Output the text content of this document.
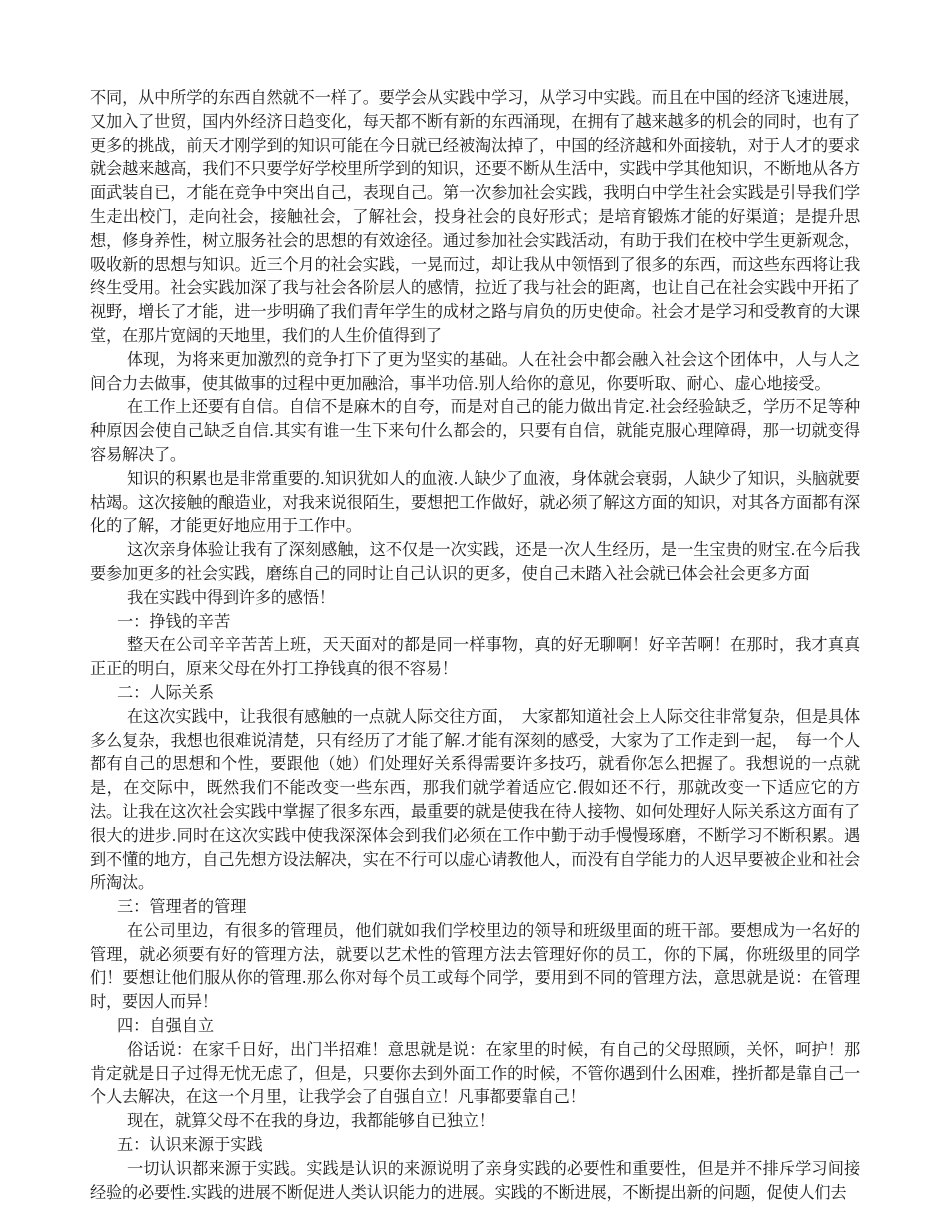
不同，从中所学的东西自然就不一样了。要学会从实践中学习，从学习中实践。而且在中国的经济飞速进展，又加入了世贸，国内外经济日趋变化，每天都不断有新的东西涌现，在拥有了越来越多的机会的同时，也有了更多的挑战，前天才刚学到的知识可能在今日就已经被淘汰掉了，中国的经济越和外面接轨，对于人才的要求就会越来越高，我们不只要学好学校里所学到的知识，还要不断从生活中，实践中学其他知识，不断地从各方面武装自已，才能在竞争中突出自己，表现自己。第一次参加社会实践，我明白中学生社会实践是引导我们学生走出校门，走向社会，接触社会，了解社会，投身社会的良好形式；是培育锻炼才能的好渠道；是提升思想，修身养性，树立服务社会的思想的有效途径。通过参加社会实践活动，有助于我们在校中学生更新观念，吸收新的思想与知识。近三个月的社会实践，一晃而过，却让我从中领悟到了很多的东西，而这些东西将让我终生受用。社会实践加深了我与社会各阶层人的感情，拉近了我与社会的距离，也让自己在社会实践中开拓了视野，增长了才能，进一步明确了我们青年学生的成材之路与肩负的历史使命。社会才是学习和受教育的大课堂，在那片宽阔的天地里，我们的人生价值得到了

体现，为将来更加激烈的竞争打下了更为坚实的基础。人在社会中都会融入社会这个团体中，人与人之间合力去做事，使其做事的过程中更加融洽，事半功倍.别人给你的意见，你要听取、耐心、虚心地接受。

在工作上还要有自信。自信不是麻木的自夸，而是对自己的能力做出肯定.社会经验缺乏，学历不足等种种原因会使自己缺乏自信.其实有谁一生下来句什么都会的，只要有自信，就能克服心理障碍，那一切就变得容易解决了。

知识的积累也是非常重要的.知识犹如人的血液.人缺少了血液，身体就会衰弱，人缺少了知识，头脑就要枯竭。这次接触的酿造业，对我来说很陌生，要想把工作做好，就必须了解这方面的知识，对其各方面都有深化的了解，才能更好地应用于工作中。

这次亲身体验让我有了深刻感触，这不仅是一次实践，还是一次人生经历，是一生宝贵的财宝.在今后我要参加更多的社会实践，磨练自己的同时让自己认识的更多，使自己未踏入社会就已体会社会更多方面

我在实践中得到许多的感悟！

一：挣钱的辛苦

整天在公司辛辛苦苦上班，天天面对的都是同一样事物，真的好无聊啊！好辛苦啊！在那时，我才真真正正的明白，原来父母在外打工挣钱真的很不容易！

二：人际关系

在这次实践中，让我很有感触的一点就人际交往方面，　大家都知道社会上人际交往非常复杂，但是具体多么复杂，我想也很难说清楚，只有经历了才能了解.才能有深刻的感受，大家为了工作走到一起，　每一个人都有自己的思想和个性，要跟他（她）们处理好关系得需要许多技巧，就看你怎么把握了。我想说的一点就是，在交际中，既然我们不能改变一些东西，那我们就学着适应它.假如还不行，那就改变一下适应它的方法。让我在这次社会实践中掌握了很多东西，最重要的就是使我在待人接物、如何处理好人际关系这方面有了很大的进步.同时在这次实践中使我深深体会到我们必须在工作中勤于动手慢慢琢磨，不断学习不断积累。遇到不懂的地方，自己先想方设法解决，实在不行可以虚心请教他人，而没有自学能力的人迟早要被企业和社会所淘汰。

三：管理者的管理

在公司里边，有很多的管理员，他们就如我们学校里边的领导和班级里面的班干部。要想成为一名好的管理，就必须要有好的管理方法，就要以艺术性的管理方法去管理好你的员工，你的下属，你班级里的同学们！要想让他们服从你的管理.那么你对每个员工或每个同学，要用到不同的管理方法，意思就是说：在管理时，要因人而异！

四：自强自立

俗话说：在家千日好，出门半招难！意思就是说：在家里的时候，有自己的父母照顾，关怀，呵护！那肯定就是日子过得无忧无虑了，但是，只要你去到外面工作的时候，不管你遇到什么困难，挫折都是靠自己一个人去解决，在这一个月里，让我学会了自强自立！凡事都要靠自己！

现在，就算父母不在我的身边，我都能够自已独立！

五：认识来源于实践

一切认识都来源于实践。实践是认识的来源说明了亲身实践的必要性和重要性，但是并不排斥学习间接经验的必要性.实践的进展不断促进人类认识能力的进展。实践的不断进展，不断提出新的问题，促使人们去
